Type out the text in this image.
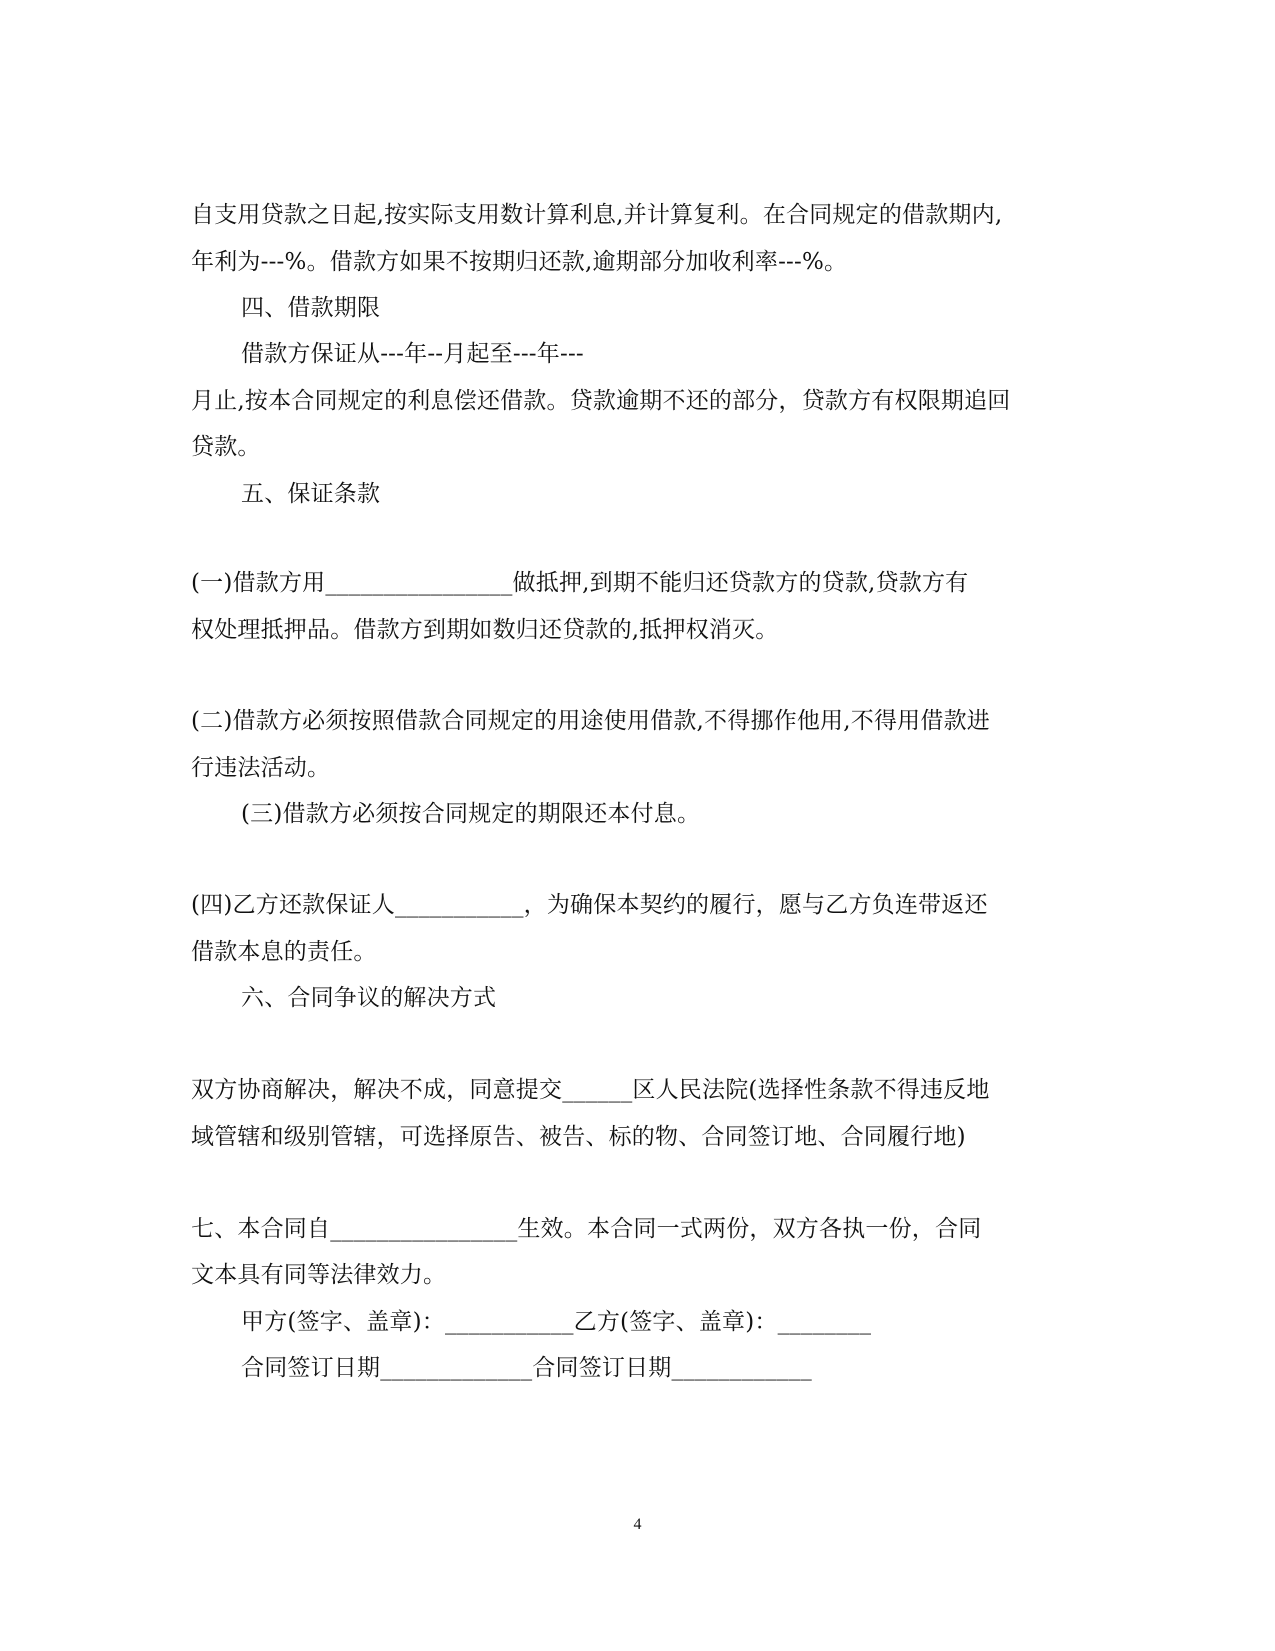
自支用贷款之日起,按实际支用数计算利息,并计算复利。在合同规定的借款期内,
年利为---%。借款方如果不按期归还款,逾期部分加收利率---%。
四、借款期限
借款方保证从---年--月起至---年---
月止,按本合同规定的利息偿还借款。贷款逾期不还的部分，贷款方有权限期追回
贷款。
五、保证条款
(一)借款方用________________做抵押,到期不能归还贷款方的贷款,贷款方有
权处理抵押品。借款方到期如数归还贷款的,抵押权消灭。
(二)借款方必须按照借款合同规定的用途使用借款,不得挪作他用,不得用借款进
行违法活动。
(三)借款方必须按合同规定的期限还本付息。
(四)乙方还款保证人___________，为确保本契约的履行，愿与乙方负连带返还
借款本息的责任。
六、合同争议的解决方式
双方协商解决，解决不成，同意提交______区人民法院(选择性条款不得违反地
域管辖和级别管辖，可选择原告、被告、标的物、合同签订地、合同履行地)
七、本合同自________________生效。本合同一式两份，双方各执一份，合同
文本具有同等法律效力。
甲方(签字、盖章)：___________乙方(签字、盖章)：________
合同签订日期_____________合同签订日期____________
4
